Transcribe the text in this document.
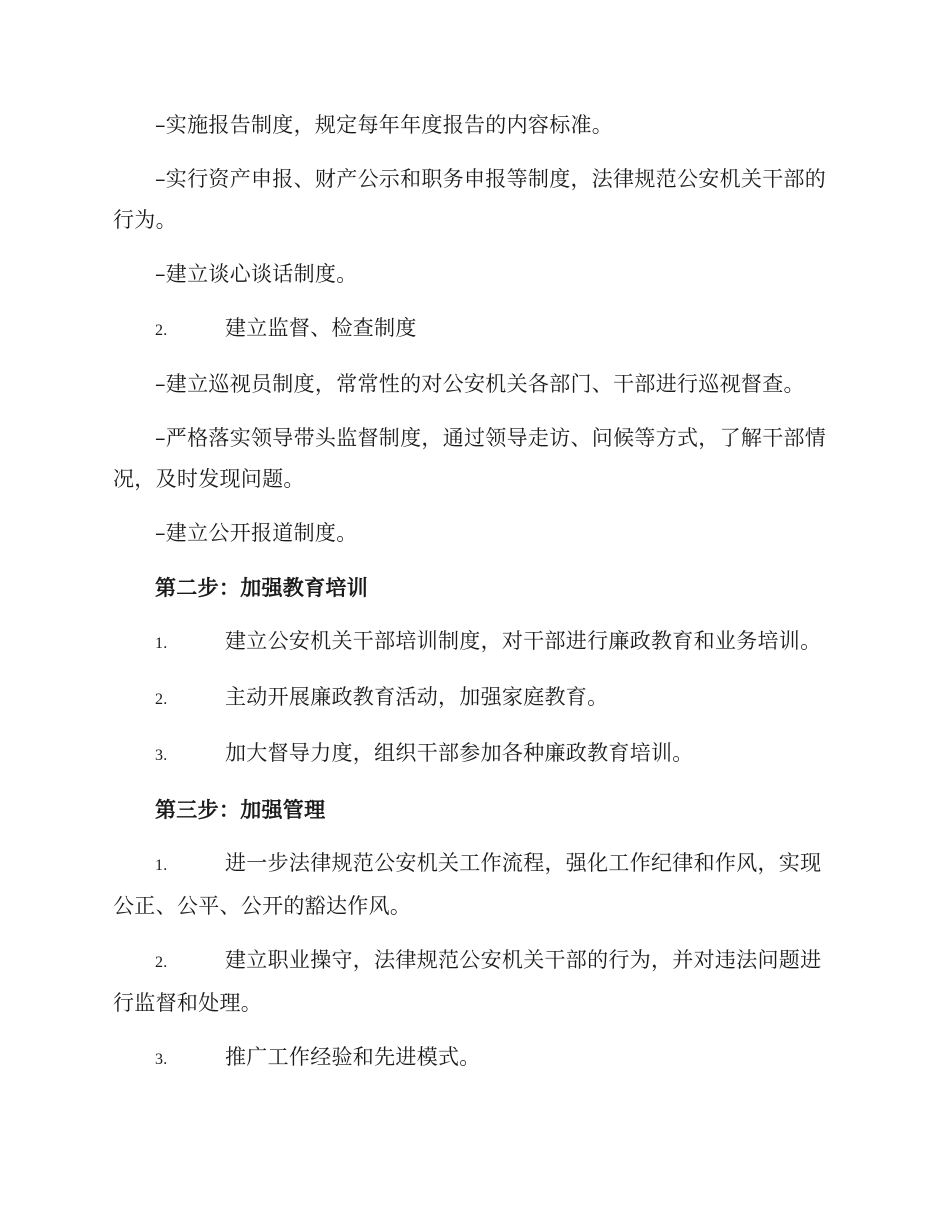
–实施报告制度，规定每年年度报告的内容标准。

–实行资产申报、财产公示和职务申报等制度，法律规范公安机关干部的行为。

–建立谈心谈话制度。

2.	建立监督、检查制度

–建立巡视员制度，常常性的对公安机关各部门、干部进行巡视督查。

–严格落实领导带头监督制度，通过领导走访、问候等方式，了解干部情况，及时发现问题。

–建立公开报道制度。

第二步：加强教育培训

1.	建立公安机关干部培训制度，对干部进行廉政教育和业务培训。

2.	主动开展廉政教育活动，加强家庭教育。

3.	加大督导力度，组织干部参加各种廉政教育培训。

第三步：加强管理

1.	进一步法律规范公安机关工作流程，强化工作纪律和作风，实现公正、公平、公开的豁达作风。

2.	建立职业操守，法律规范公安机关干部的行为，并对违法问题进行监督和处理。

3.	推广工作经验和先进模式。
